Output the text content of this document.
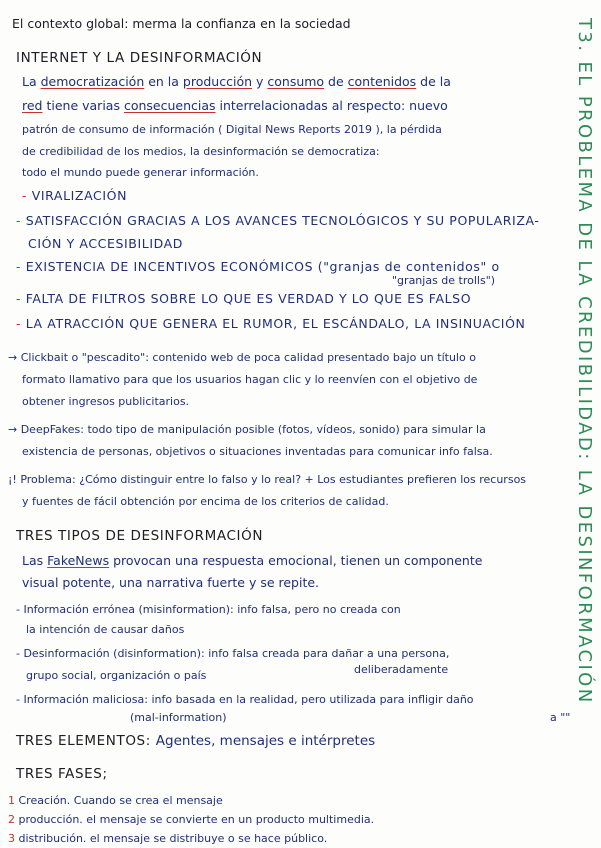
El contexto global: merma la confianza en la sociedad	T3. EL PROBLEMA DE LA CREDIBILIDAD: LA DESINFORMACIÓN
INTERNET Y LA DESINFORMACIÓN
La democratización en la producción y consumo de contenidos de la
red tiene varias consecuencias interrelacionadas al respecto: nuevo
patrón de consumo de información ( Digital News Reports 2019 ), la pérdida
de credibilidad de los medios, la desinformación se democratiza:
todo el mundo puede generar información.
- VIRALIZACIÓN
- SATISFACCIÓN GRACIAS A LOS AVANCES TECNOLÓGICOS Y SU POPULARIZA-
CIÓN Y ACCESIBILIDAD
- EXISTENCIA DE INCENTIVOS ECONÓMICOS ("granjas de contenidos" o
"granjas de trolls")
- FALTA DE FILTROS SOBRE LO QUE ES VERDAD Y LO QUE ES FALSO
- LA ATRACCIÓN QUE GENERA EL RUMOR, EL ESCÁNDALO, LA INSINUACIÓN
→ Clickbait o "pescadito": contenido web de poca calidad presentado bajo un título o
formato llamativo para que los usuarios hagan clic y lo reenvíen con el objetivo de
obtener ingresos publicitarios.
→ DeepFakes: todo tipo de manipulación posible (fotos, vídeos, sonido) para simular la
existencia de personas, objetivos o situaciones inventadas para comunicar info falsa.
¡! Problema: ¿Cómo distinguir entre lo falso y lo real? + Los estudiantes prefieren los recursos
y fuentes de fácil obtención por encima de los criterios de calidad.
TRES TIPOS DE DESINFORMACIÓN
Las FakeNews provocan una respuesta emocional, tienen un componente
visual potente, una narrativa fuerte y se repite.
- Información errónea (misinformation): info falsa, pero no creada con
la intención de causar daños
- Desinformación (disinformation): info falsa creada para dañar a una persona,
deliberadamente
grupo social, organización o país
- Información maliciosa: info basada en la realidad, pero utilizada para infligir daño
a ""
(mal-information)
TRES ELEMENTOS: Agentes, mensajes e intérpretes
TRES FASES;
1 Creación. Cuando se crea el mensaje
2 producción. el mensaje se convierte en un producto multimedia.
3 distribución. el mensaje se distribuye o se hace público.
